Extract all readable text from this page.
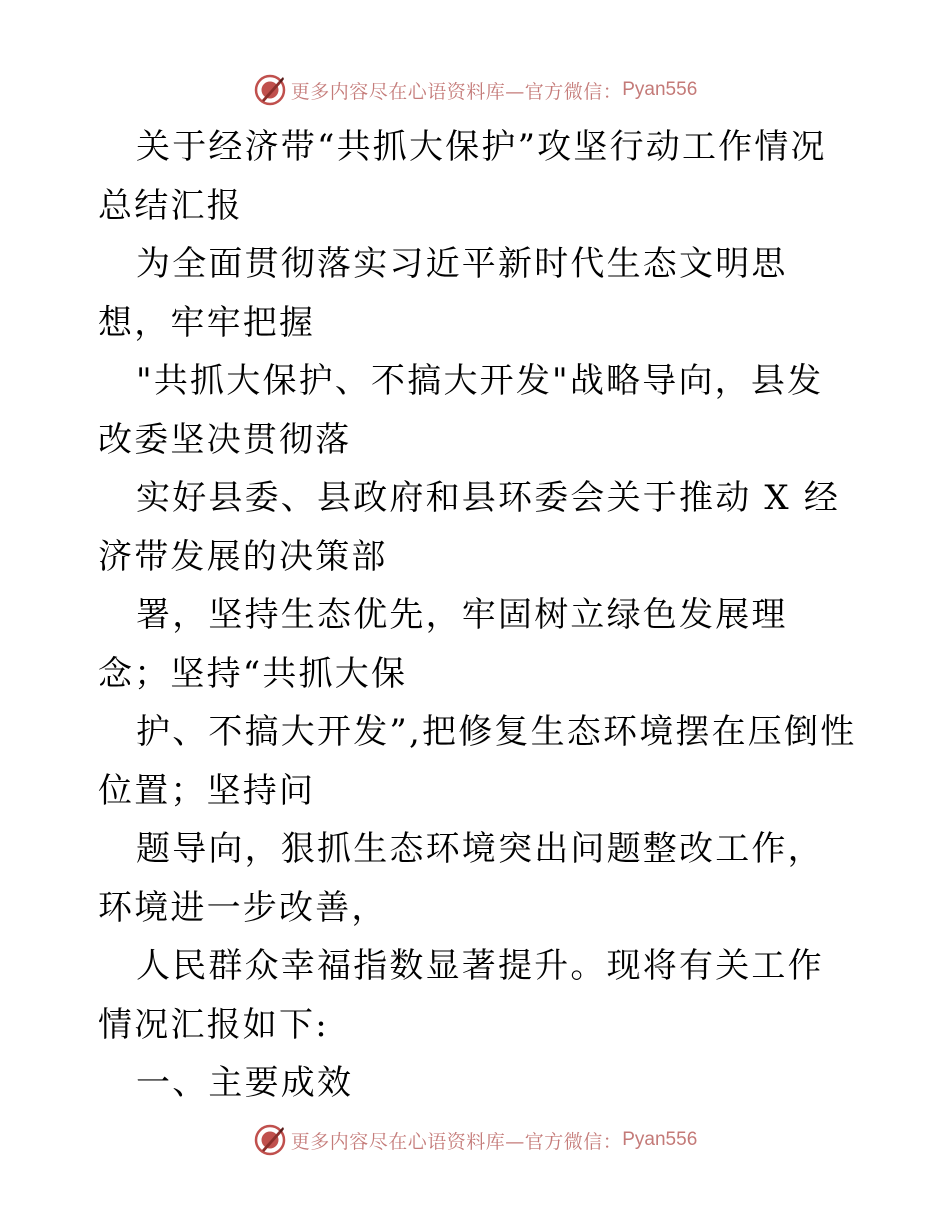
更多内容尽在心语资料库—官方微信： Pyan556

关于经济带“共抓大保护”攻坚行动工作情况总结汇报

为全面贯彻落实习近平新时代生态文明思想，牢牢把握

"共抓大保护、不搞大开发"战略导向，县发改委坚决贯彻落

实好县委、县政府和县环委会关于推动 X 经济带发展的决策部

署，坚持生态优先，牢固树立绿色发展理念；坚持“共抓大保

护、不搞大开发”,把修复生态环境摆在压倒性位置；坚持问

题导向，狠抓生态环境突出问题整改工作，环境进一步改善，

人民群众幸福指数显著提升。现将有关工作情况汇报如下:

一、主要成效

更多内容尽在心语资料库—官方微信： Pyan556
